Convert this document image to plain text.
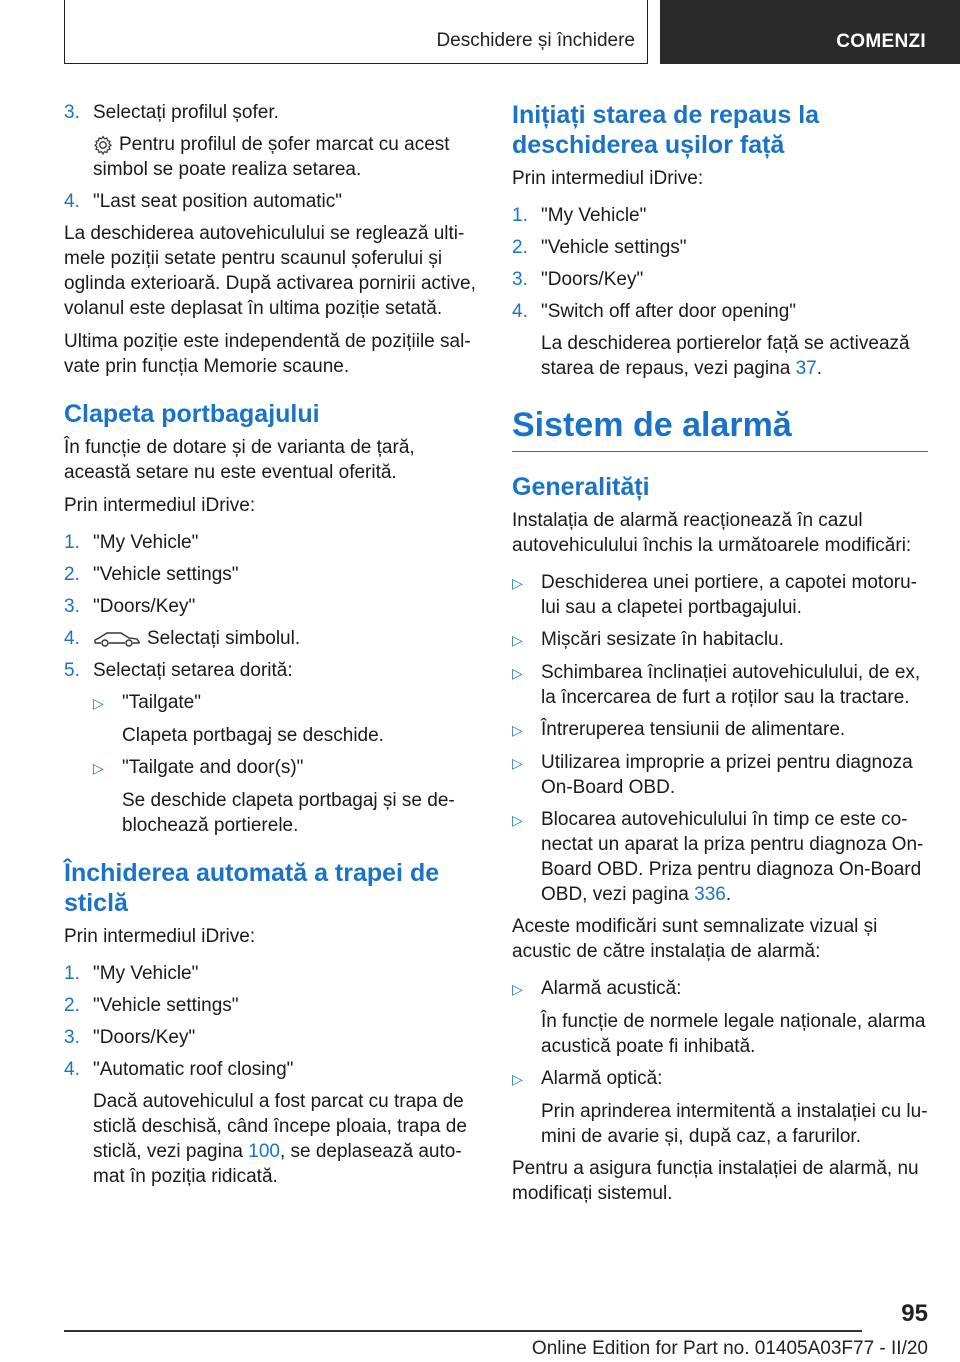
Deschidere și închidere	COMENZI
3. Selectați profilul șofer.
Pentru profilul de șofer marcat cu acest simbol se poate realiza setarea.
4. "Last seat position automatic"

La deschiderea autovehiculului se reglează ultimele poziții setate pentru scaunul șoferului și oglinda exterioară. După activarea pornirii active, volanul este deplasat în ultima poziție setată.

Ultima poziție este independentă de pozițiile salvate prin funcția Memorie scaune.

Clapeta portbagajului

În funcție de dotare și de varianta de țară, această setare nu este eventual oferită.

Prin intermediul iDrive:

1. "My Vehicle"
2. "Vehicle settings"
3. "Doors/Key"
4.	Selectați simbolul.
5. Selectați setarea dorită:
▷ "Tailgate"
Clapeta portbagaj se deschide.
▷ "Tailgate and door(s)"
Se deschide clapeta portbagaj și se deblochează portierele.
Închiderea automată a trapei de sticlă

Prin intermediul iDrive:

1. "My Vehicle"
2. "Vehicle settings"
3. "Doors/Key"
4. "Automatic roof closing"
Dacă autovehiculul a fost parcat cu trapa de sticlă deschisă, când începe ploaia, trapa de sticlă, vezi pagina 100, se deplasează automat în poziția ridicată.
Inițiați starea de repaus la deschiderea ușilor față

Prin intermediul iDrive:

1. "My Vehicle"
2. "Vehicle settings"
3. "Doors/Key"
4. "Switch off after door opening"
La deschiderea portierelor față se activează starea de repaus, vezi pagina 37.
Sistem de alarmă
Generalități

Instalația de alarmă reacționează în cazul autovehiculului închis la următoarele modificări:

▷ Deschiderea unei portiere, a capotei motorului sau a clapetei portbagajului.
▷ Mișcări sesizate în habitaclu.
▷ Schimbarea înclinației autovehiculului, de ex, la încercarea de furt a roților sau la tractare.
▷ Întreruperea tensiunii de alimentare.
▷ Utilizarea improprie a prizei pentru diagnoza On-Board OBD.
▷ Blocarea autovehiculului în timp ce este conectat un aparat la priza pentru diagnoza On-Board OBD. Priza pentru diagnoza On-Board OBD, vezi pagina 336.

Aceste modificări sunt semnalizate vizual și acustic de către instalația de alarmă:

▷ Alarmă acustică:
În funcție de normele legale naționale, alarma acustică poate fi inhibată.
▷ Alarmă optică:
Prin aprinderea intermitentă a instalației cu lumini de avarie și, după caz, a farurilor.

Pentru a asigura funcția instalației de alarmă, nu modificați sistemul.

95
Online Edition for Part no. 01405A03F77 - II/20
